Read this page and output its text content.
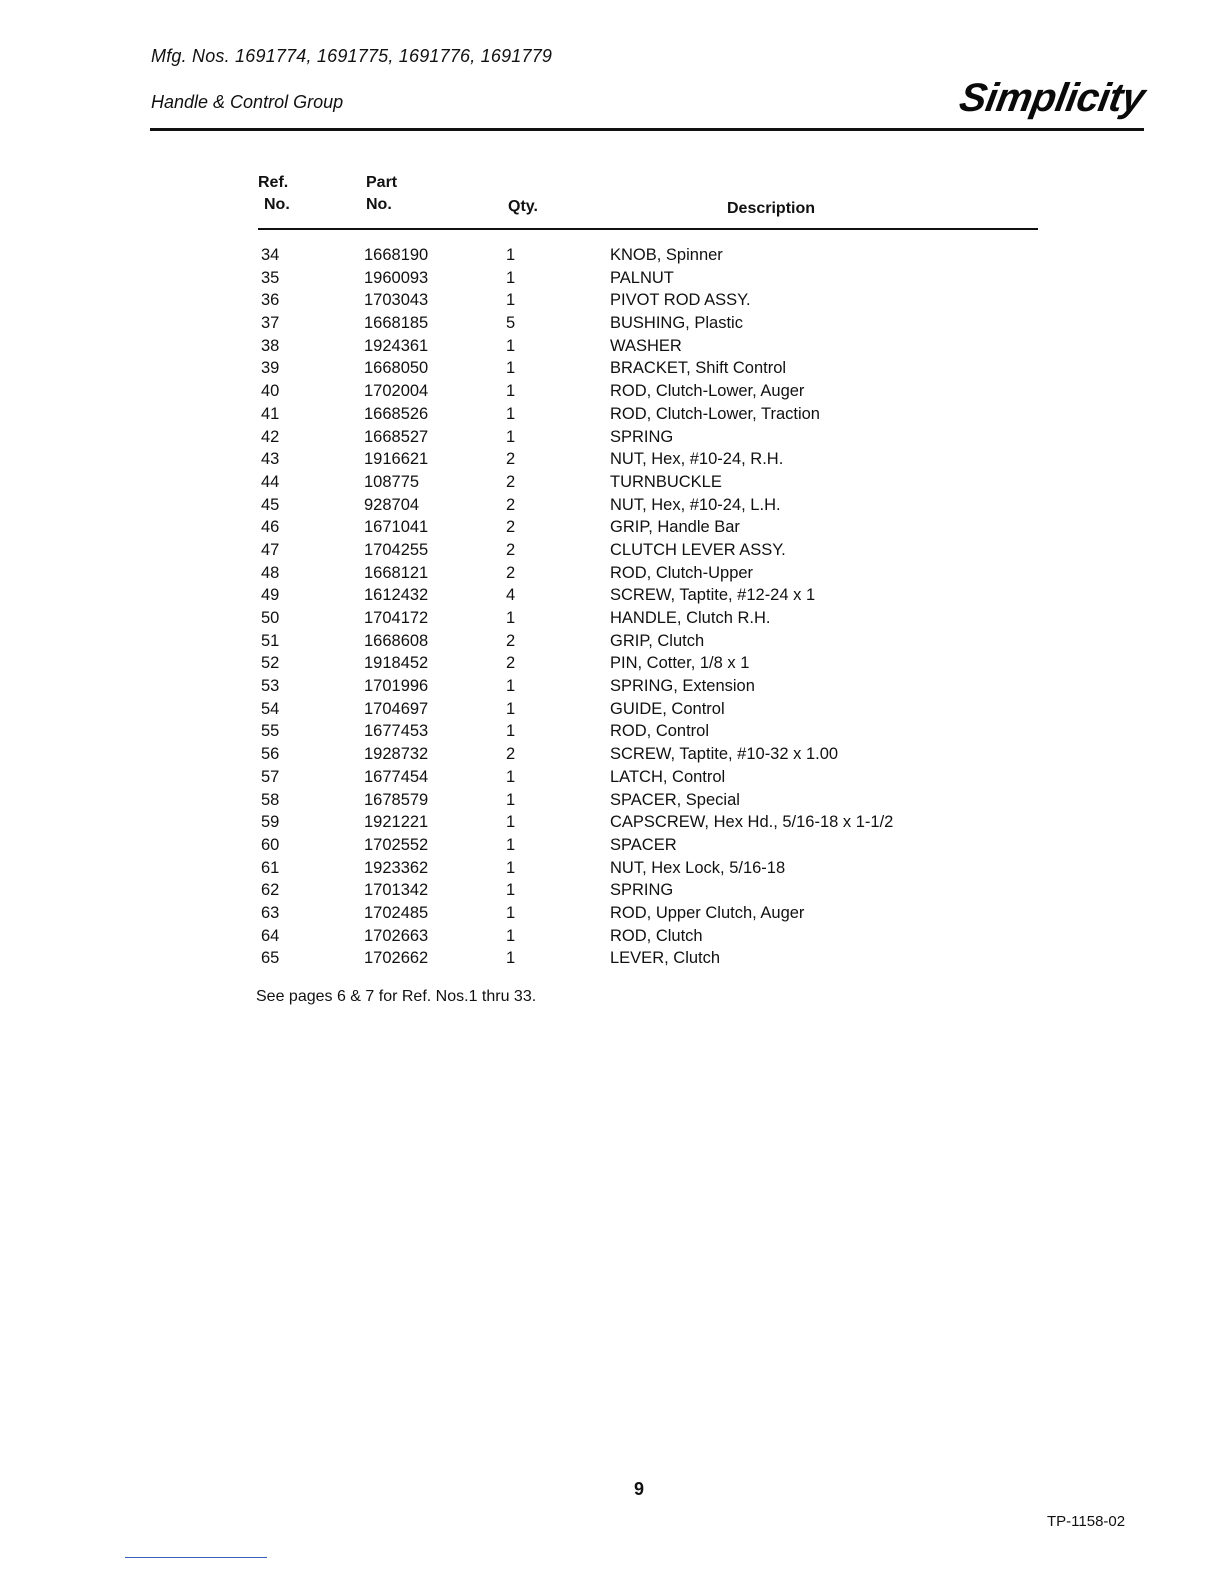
Mfg. Nos. 1691774, 1691775, 1691776, 1691779
Handle & Control Group	Simplicity
Ref.
No.
Part
No.	Qty.	Description
34	1668190	1	KNOB, Spinner
35	1960093	1	PALNUT
36	1703043	1	PIVOT ROD ASSY.
37	1668185	5	BUSHING, Plastic
38	1924361	1	WASHER
39	1668050	1	BRACKET, Shift Control
40	1702004	1	ROD, Clutch-Lower, Auger
41	1668526	1	ROD, Clutch-Lower, Traction
42	1668527	1	SPRING
43	1916621	2	NUT, Hex, #10-24, R.H.
44	108775	2	TURNBUCKLE
45	928704	2	NUT, Hex, #10-24, L.H.
46	1671041	2	GRIP, Handle Bar
47	1704255	2	CLUTCH LEVER ASSY.
48	1668121	2	ROD, Clutch-Upper
49	1612432	4	SCREW, Taptite, #12-24 x 1
50	1704172	1	HANDLE, Clutch R.H.
51	1668608	2	GRIP, Clutch
52	1918452	2	PIN, Cotter, 1/8 x 1
53	1701996	1	SPRING, Extension
54	1704697	1	GUIDE, Control
55	1677453	1	ROD, Control
56	1928732	2	SCREW, Taptite, #10-32 x 1.00
57	1677454	1	LATCH, Control
58	1678579	1	SPACER, Special
59	1921221	1	CAPSCREW, Hex Hd., 5/16-18 x 1-1/2
60	1702552	1	SPACER
61	1923362	1	NUT, Hex Lock, 5/16-18
62	1701342	1	SPRING
63	1702485	1	ROD, Upper Clutch, Auger
64	1702663	1	ROD, Clutch
65	1702662	1	LEVER, Clutch
See pages 6 & 7 for Ref. Nos.1 thru 33.
9
TP-1158-02
